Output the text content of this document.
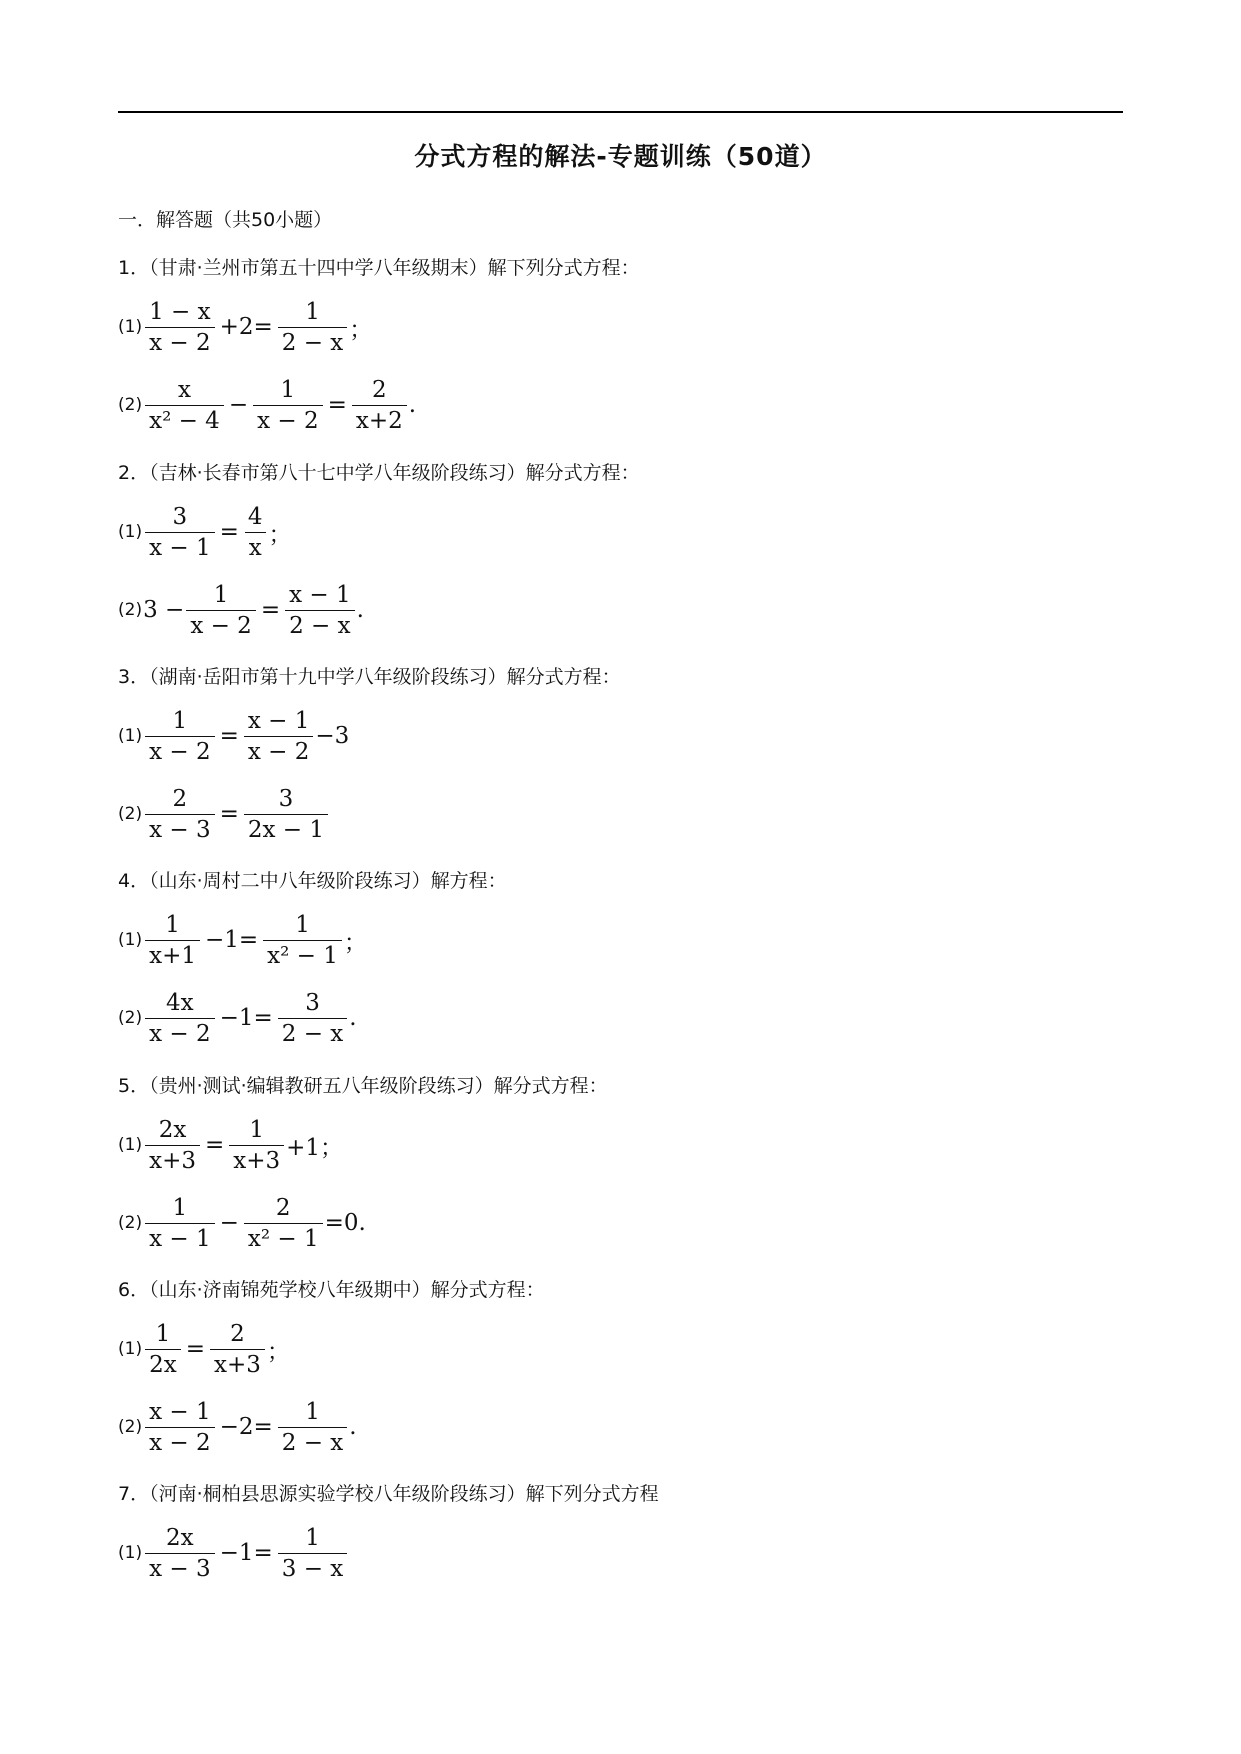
分式方程的解法-专题训练（50道）
一．解答题（共50小题）
1．（甘肃·兰州市第五十四中学八年级期末）解下列分式方程：
$(1) \frac{1 - x}{x - 2} +2= \frac{1}{2 - x}$ ；
$(2) \frac{x}{\text{x² − 4}} - \frac{1}{x - 2} = \frac{2}{x+2}$ .
2．（吉林·长春市第八十七中学八年级阶段练习）解分式方程：
$(1) \frac{3}{x - 1} = \frac{4}{x}$ ；
(2) $3 - \frac{1}{x - 2} = \frac{x - 1}{2 - x}$ .
3．（湖南·岳阳市第十九中学八年级阶段练习）解分式方程：
$(1) \frac{1}{x - 2} = \frac{x - 1}{x - 2} -3$
$(2) \frac{2}{x - 3} = \frac{3}{2x - 1}$
4．（山东·周村二中八年级阶段练习）解方程：
$(1) \frac{1}{x+1} -1= \frac{1}{\text{x² − 1}}$ ；
$(2) \frac{4x}{x - 2} -1= \frac{3}{2 - x}$ .
5．（贵州·测试·编辑教研五八年级阶段练习）解分式方程：
$(1) \frac{2x}{x+3} = \frac{1}{x+3} +1$；
$(2) \frac{1}{x - 1} - \frac{2}{\text{x² − 1}} =0$.
6．（山东·济南锦苑学校八年级期中）解分式方程：
$(1) \frac{1}{2x} = \frac{2}{x+3}$ ；
$(2) \frac{x - 1}{x - 2} -2= \frac{1}{2 - x}$ .
7．（河南·桐柏县思源实验学校八年级阶段练习）解下列分式方程
$(1) \frac{2x}{x - 3} -1= \frac{1}{3 - x}$
